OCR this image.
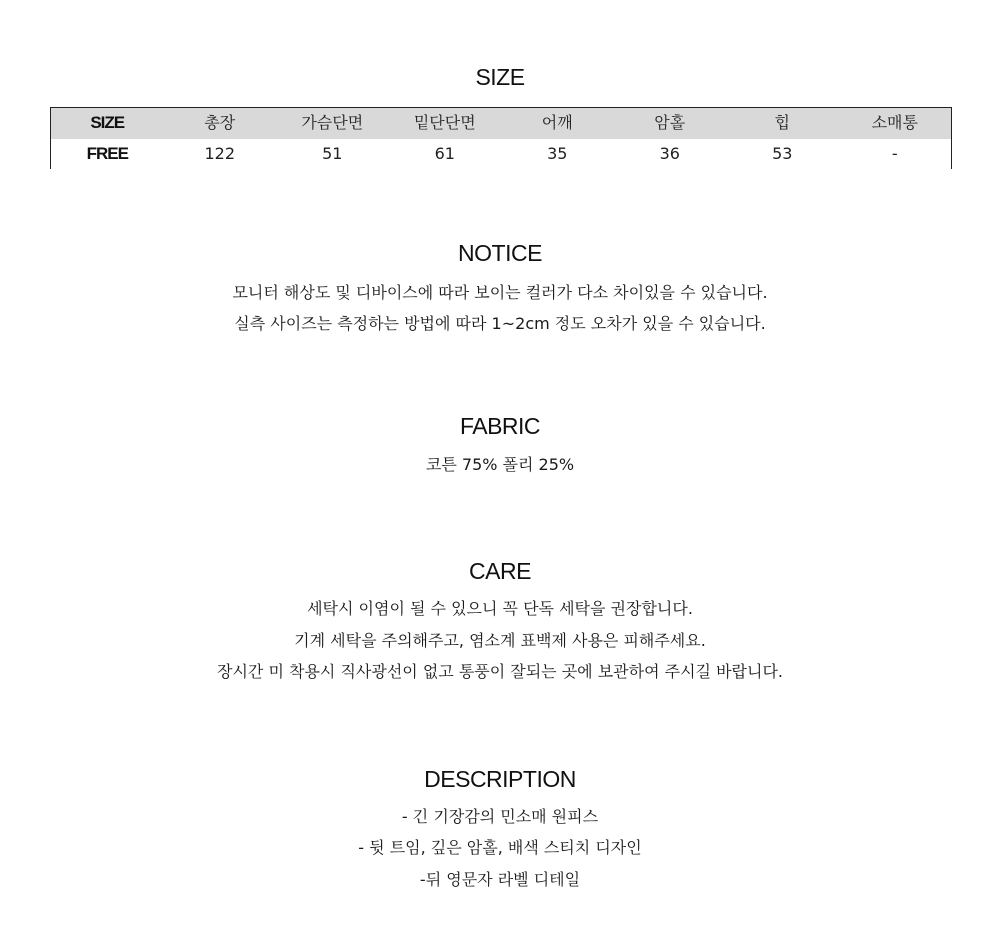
SIZE
SIZE	총장	가슴단면	밑단단면	어깨	암홀	힙	소매통
FREE	122	51	61	35	36	53	-
NOTICE
모니터 해상도 및 디바이스에 따라 보이는 컬러가 다소 차이있을 수 있습니다.
실측 사이즈는 측정하는 방법에 따라 1~2cm 정도 오차가 있을 수 있습니다.
FABRIC
코튼 75% 폴리 25%
CARE
세탁시 이염이 될 수 있으니 꼭 단독 세탁을 권장합니다.
기계 세탁을 주의해주고, 염소계 표백제 사용은 피해주세요.
장시간 미 착용시 직사광선이 없고 통풍이 잘되는 곳에 보관하여 주시길 바랍니다.
DESCRIPTION
- 긴 기장감의 민소매 원피스
- 뒷 트임, 깊은 암홀, 배색 스티치 디자인
-뒤 영문자 라벨 디테일
